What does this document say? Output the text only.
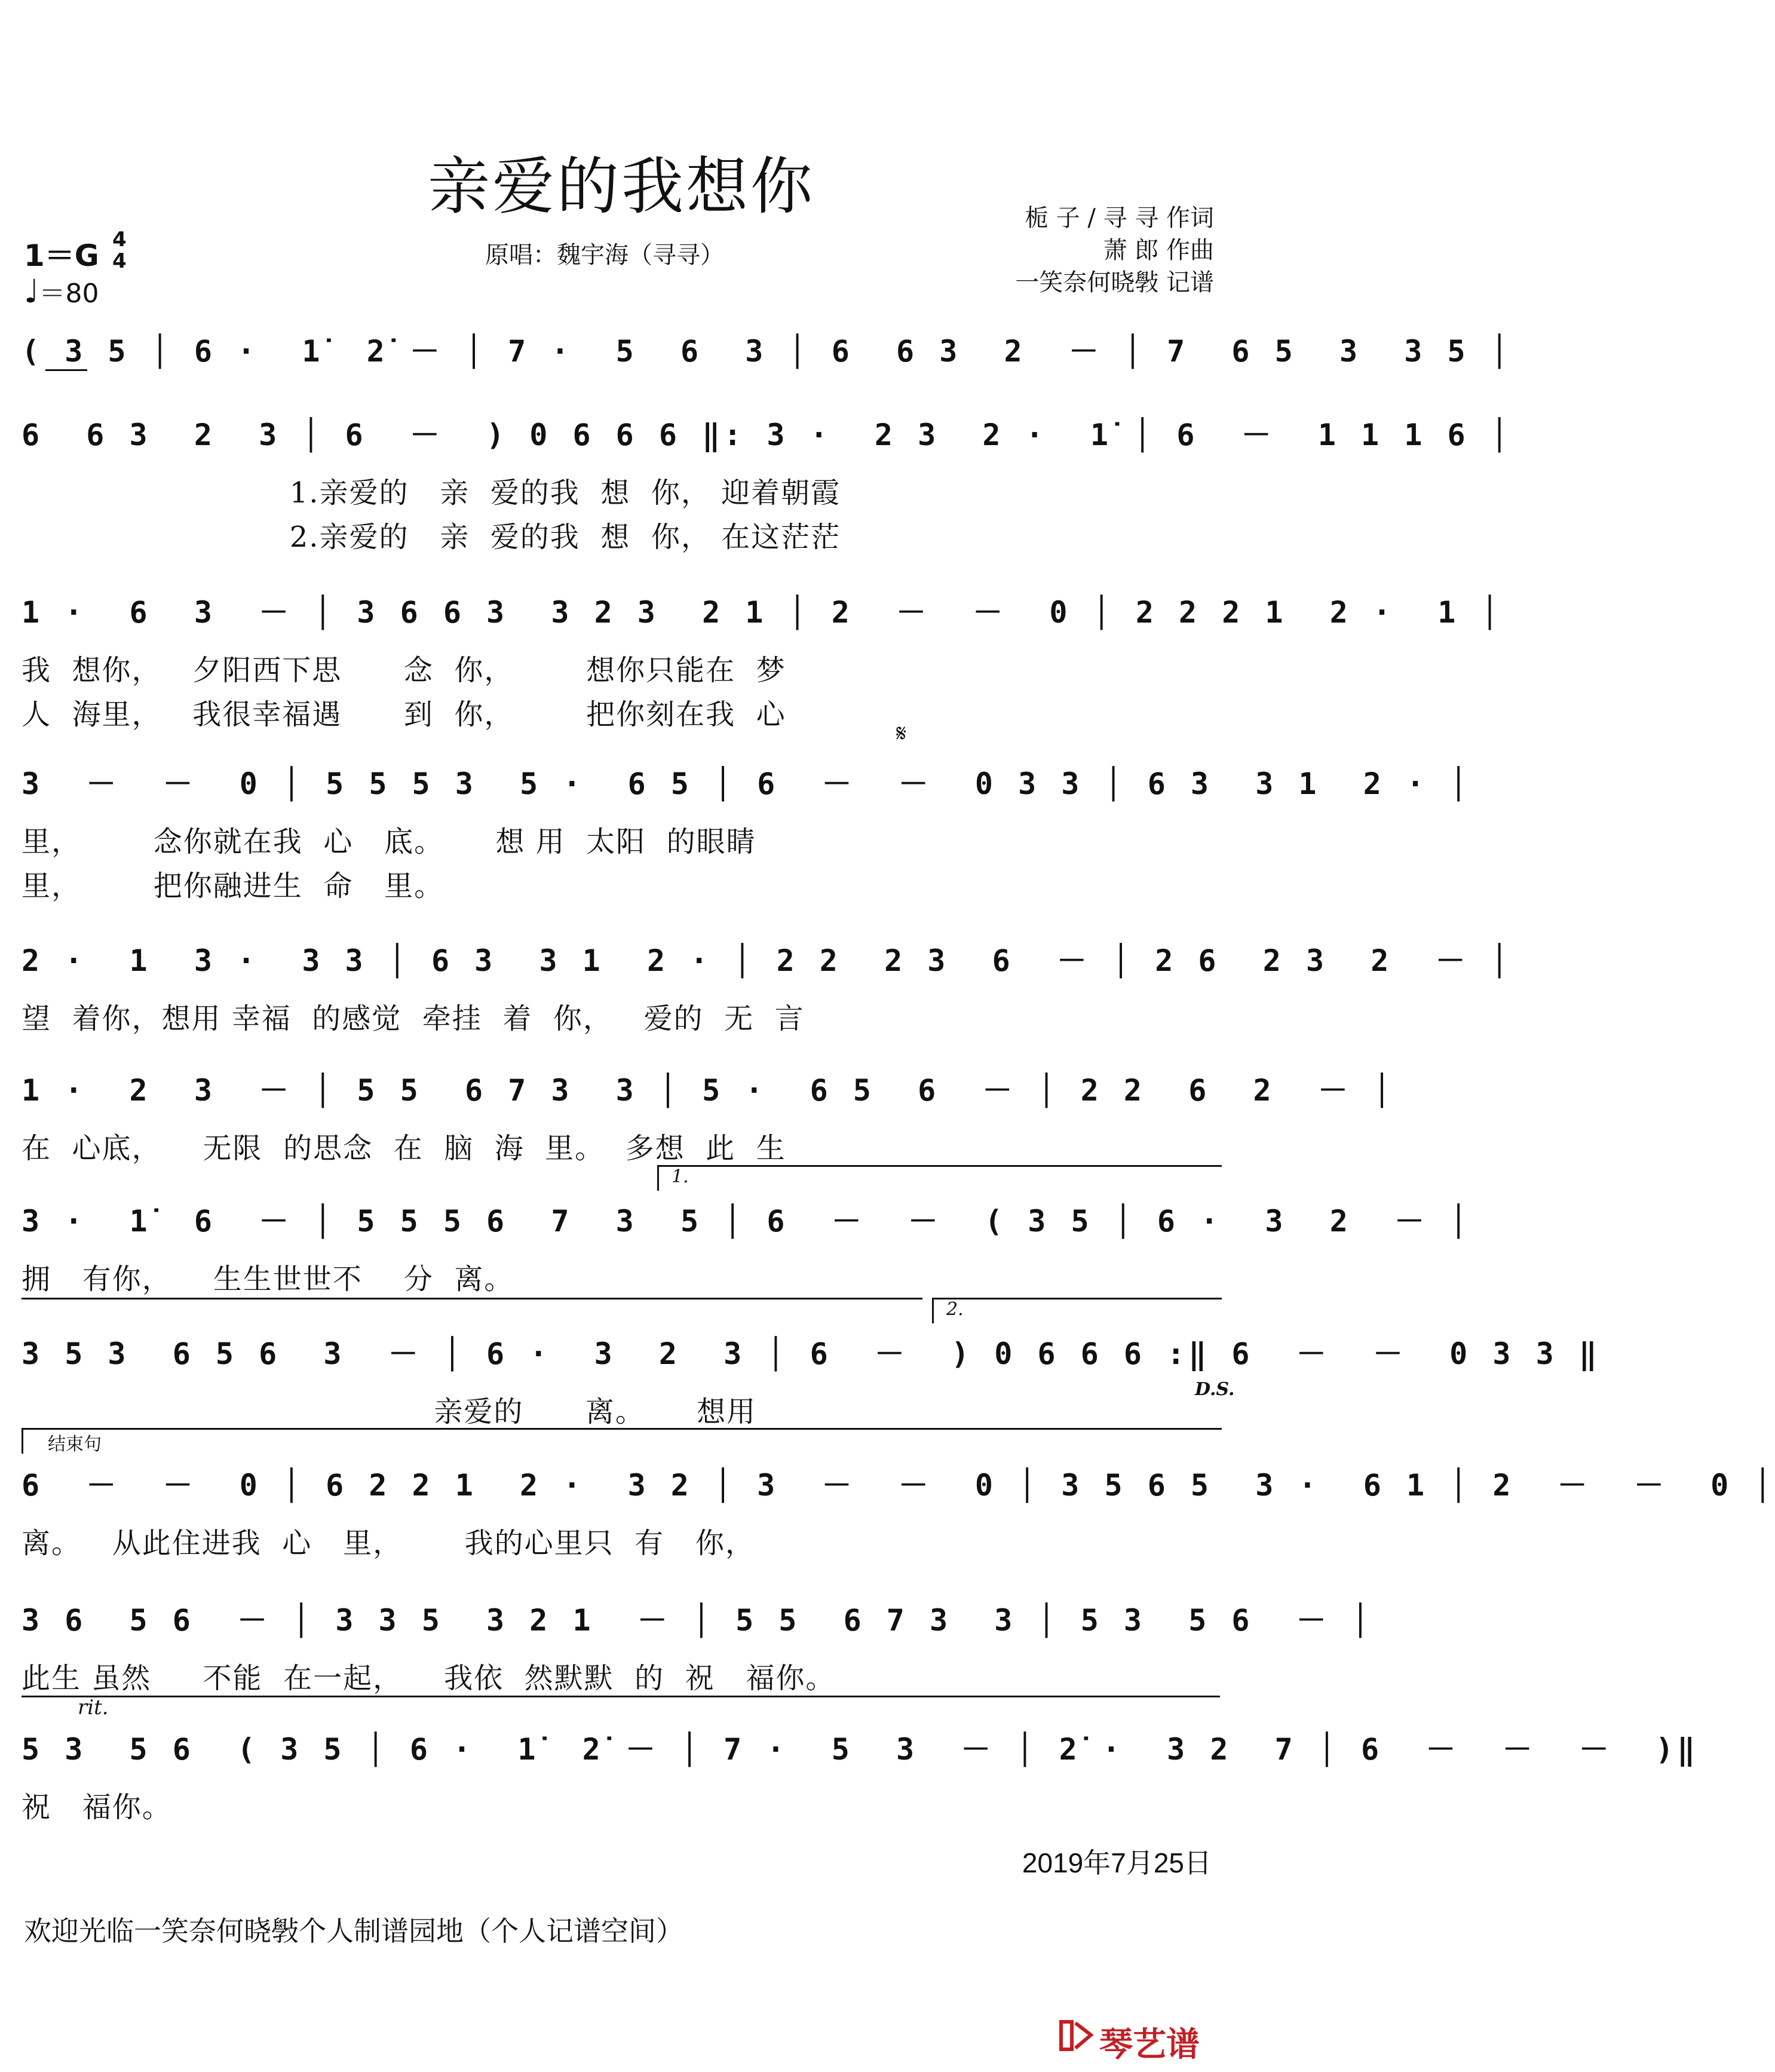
亲爱的我想你
1＝G 4
4
♩＝80
原唱：魏宇海（寻寻）
栀 子 / 寻 寻 作词
萧 郎 作曲
一笑奈何晓斅 记谱
( 3 5 │ 6 ·  1̇  2̇ － │ 7 ·  5  6  3 │ 6  6 3  2  － │ 7  6 5  3  3 5 │
6  6 3  2  3 │ 6  －  ) 0 6 6 6 ‖: 3 ·  2 3  2 ·  1̇ │ 6  －  1 1 1 6 │
1.亲爱的   亲  爱的我  想  你， 迎着朝霞
2.亲爱的   亲  爱的我  想  你， 在这茫茫
1 ·  6  3  － │ 3 6 6 3  3 2 3  2 1 │ 2  －  －  0 │ 2 2 2 1  2 ·  1 │
我  想你，   夕阳西下思      念  你，       想你只能在  梦
人  海里，   我很幸福遇      到  你，       把你刻在我  心
𝄋
3  －  －  0 │ 5 5 5 3  5 ·  6 5 │ 6  －  －  0 3 3 │ 6 3  3 1  2 · │
里，       念你就在我  心   底。     想 用  太阳  的眼睛
里，       把你融进生  命   里。
2 ·  1  3 ·  3 3 │ 6 3  3 1  2 · │ 2 2  2 3  6  － │ 2 6  2 3  2  － │
望  着你，想用 幸福  的感觉  牵挂  着  你，   爱的  无  言
1 ·  2  3  － │ 5 5  6 7 3  3 │ 5 ·  6 5  6  － │ 2 2  6  2  － │
在  心底，    无限  的思念  在  脑  海  里。  多想  此  生
1.
3 ·  1̇  6  － │ 5 5 5 6  7  3  5 │ 6  －  －  ( 3 5 │ 6 ·  3  2  － │
拥   有你，    生生世世不    分  离。
2.
3 5 3  6 5 6  3  － │ 6 ·  3  2  3 │ 6  －  ) 0 6 6 6 :‖ 6  －  －  0 3 3 ‖
亲爱的      离。     想用
D.S.
结束句
6  －  －  0 │ 6 2 2 1  2 ·  3 2 │ 3  －  －  0 │ 3 5 6 5  3 ·  6 1 │ 2  －  －  0 │
离。   从此住进我  心   里，      我的心里只  有   你，
3 6  5 6  － │ 3 3 5  3 2 1  － │ 5 5  6 7 3  3 │ 5 3  5 6  － │
此生 虽然     不能  在一起，    我依  然默默  的  祝   福你。
rit.
5 3  5 6  ( 3 5 │ 6 ·  1̇  2̇ － │ 7 ·  5  3  － │ 2̇ ·  3 2  7 │ 6  －  －  －  )‖
祝   福你。
2019年7月25日
欢迎光临一笑奈何晓斅个人制谱园地（个人记谱空间）
琴艺谱
